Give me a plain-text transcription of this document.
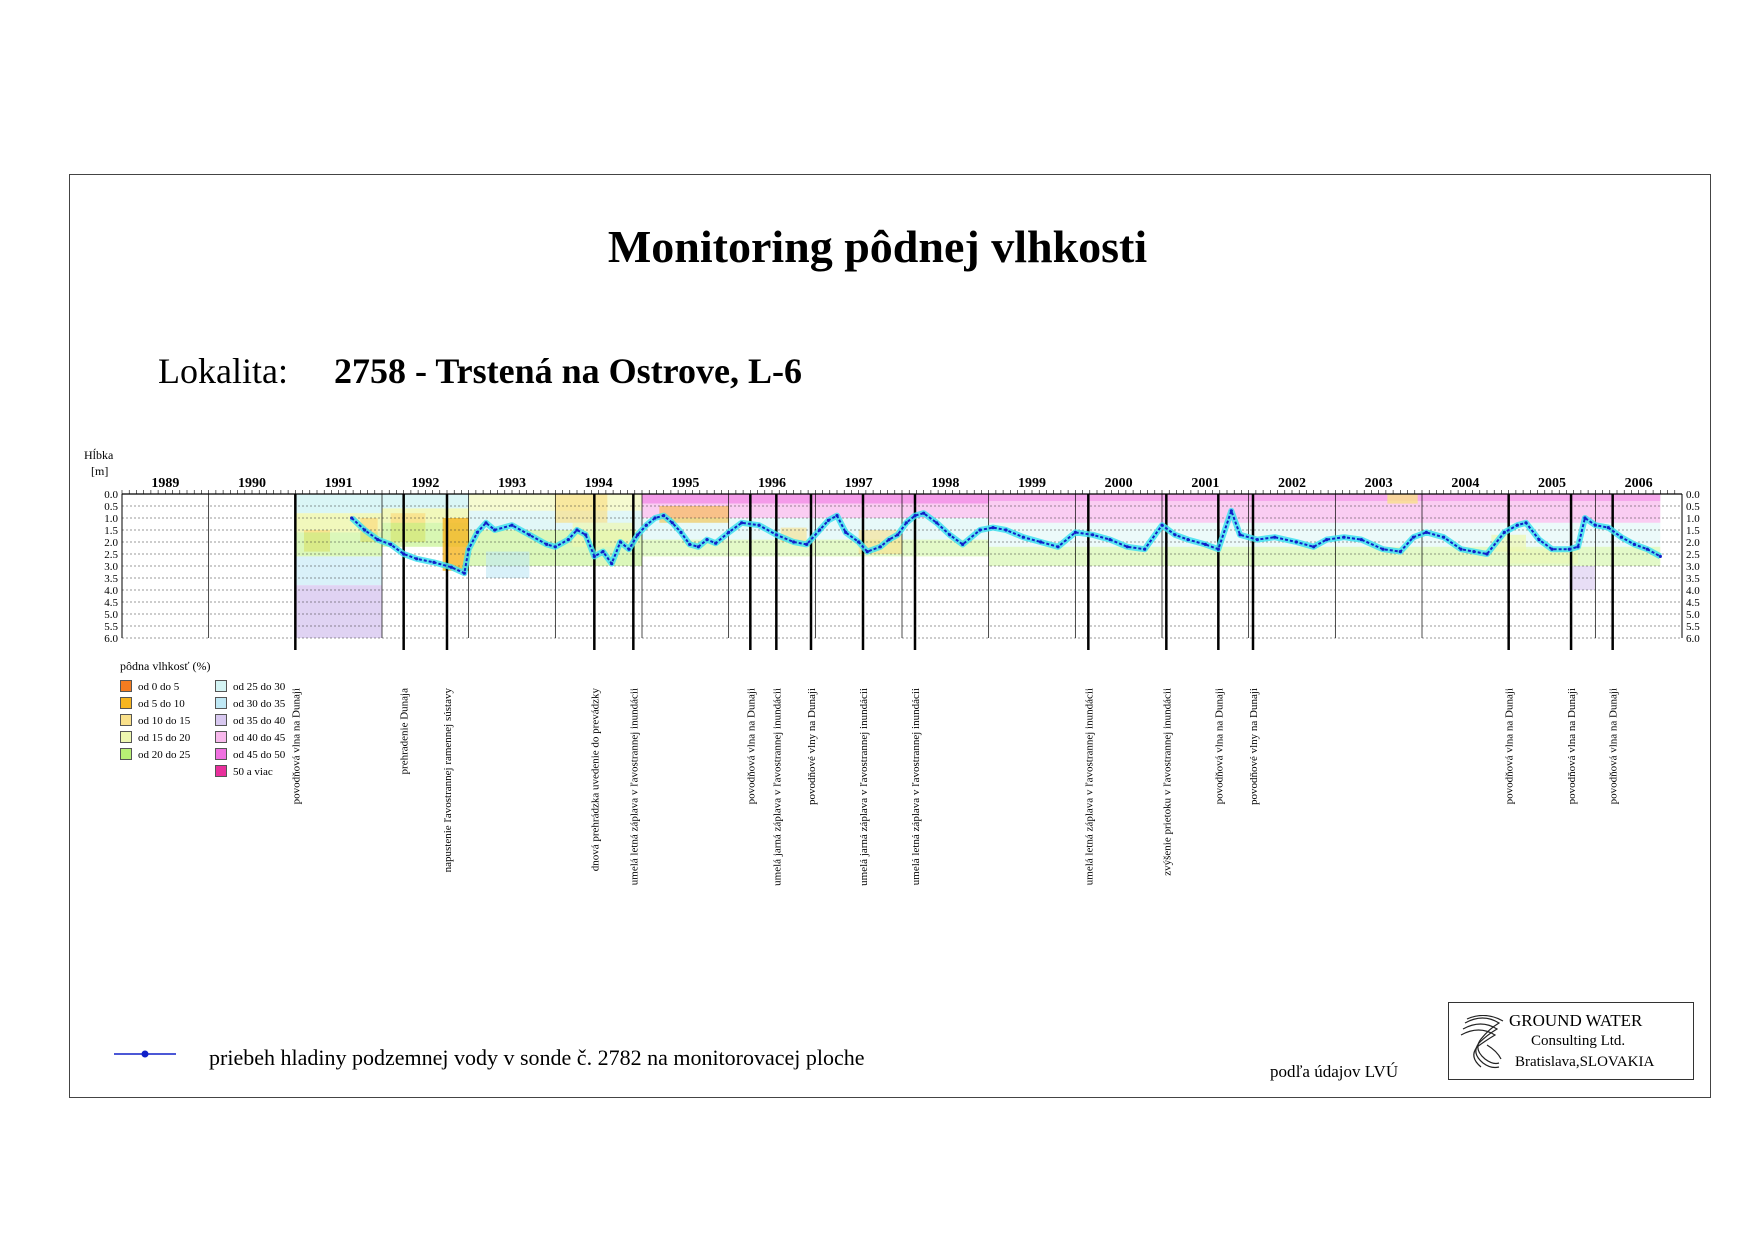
Monitoring pôdnej vlhkosti
Lokalita: 2758 - Trstená na Ostrove, L-6
0.0	0.0
0.5	0.5
1.0	1.0
1.5	1.5
2.0	2.0
2.5	2.5
3.0	3.0
3.5	3.5
4.0	4.0
4.5	4.5
5.0	5.0
5.5	5.5
6.0	6.0
1989	1990	1991	1992	1993	1994	1995	1996	1997	1998	1999	2000	2001	2002	2003	2004	2005	2006
Hĺbka
[m]
povodňová vlna na Dunaji	prehradenie Dunaja	napustenie ľavostrannej ramennej sústavy	dnová prehrádzka uvedenie do prevádzky umelá letná záplava v ľavostrannej inundácii	povodňová vlna na Dunaji umelá jarná záplava v ľavostrannej inundácii povodňové vlny na Dunaji	umelá jarná záplava v ľavostrannej inundácii	umelá letná záplava v ľavostrannej inundácii	umelá letná záplava v ľavostrannej inundácii	zvýšenie prietoku v ľavostrannej inundácii	povodňová vlna na Dunaji povodňové vlny na Dunaji	povodňová vlna na Dunaji	povodňová vlna na Dunaji	povodňová vlna na Dunaji
pôdna vlhkosť (%)
od 0 do 5
od 5 do 10
od 10 do 15
od 15 do 20
od 20 do 25
od 25 do 30
od 30 do 35
od 35 do 40
od 40 do 45
od 45 do 50
50 a viac
priebeh hladiny podzemnej vody v sonde č. 2782 na monitorovacej ploche
podľa údajov LVÚ
GROUND WATER
Consulting Ltd.
Bratislava,SLOVAKIA
